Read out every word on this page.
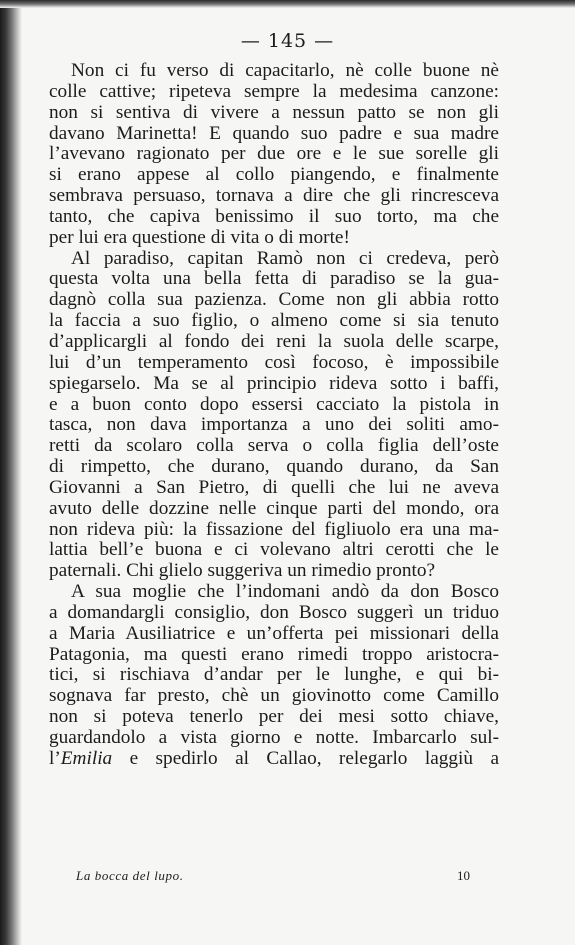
— 145 —
Non ci fu verso di capacitarlo, nè colle buone nè
colle cattive; ripeteva sempre la medesima canzone:
non si sentiva di vivere a nessun patto se non gli
davano Marinetta! E quando suo padre e sua madre
l’avevano ragionato per due ore e le sue sorelle gli
si erano appese al collo piangendo, e finalmente
sembrava persuaso, tornava a dire che gli rincresceva
tanto, che capiva benissimo il suo torto, ma che
per lui era questione di vita o di morte!
Al paradiso, capitan Ramò non ci credeva, però
questa volta una bella fetta di paradiso se la gua-
dagnò colla sua pazienza. Come non gli abbia rotto
la faccia a suo figlio, o almeno come si sia tenuto
d’applicargli al fondo dei reni la suola delle scarpe,
lui d’un temperamento così focoso, è impossibile
spiegarselo. Ma se al principio rideva sotto i baffi,
e a buon conto dopo essersi cacciato la pistola in
tasca, non dava importanza a uno dei soliti amo-
retti da scolaro colla serva o colla figlia dell’oste
di rimpetto, che durano, quando durano, da San
Giovanni a San Pietro, di quelli che lui ne aveva
avuto delle dozzine nelle cinque parti del mondo, ora
non rideva più: la fissazione del figliuolo era una ma-
lattia bell’e buona e ci volevano altri cerotti che le
paternali. Chi glielo suggeriva un rimedio pronto?
A sua moglie che l’indomani andò da don Bosco
a domandargli consiglio, don Bosco suggerì un triduo
a Maria Ausiliatrice e un’offerta pei missionari della
Patagonia, ma questi erano rimedi troppo aristocra-
tici, si rischiava d’andar per le lunghe, e qui bi-
sognava far presto, chè un giovinotto come Camillo
non si poteva tenerlo per dei mesi sotto chiave,
guardandolo a vista giorno e notte. Imbarcarlo sul-
l’Emilia e spedirlo al Callao, relegarlo laggiù a
La bocca del lupo.	10
